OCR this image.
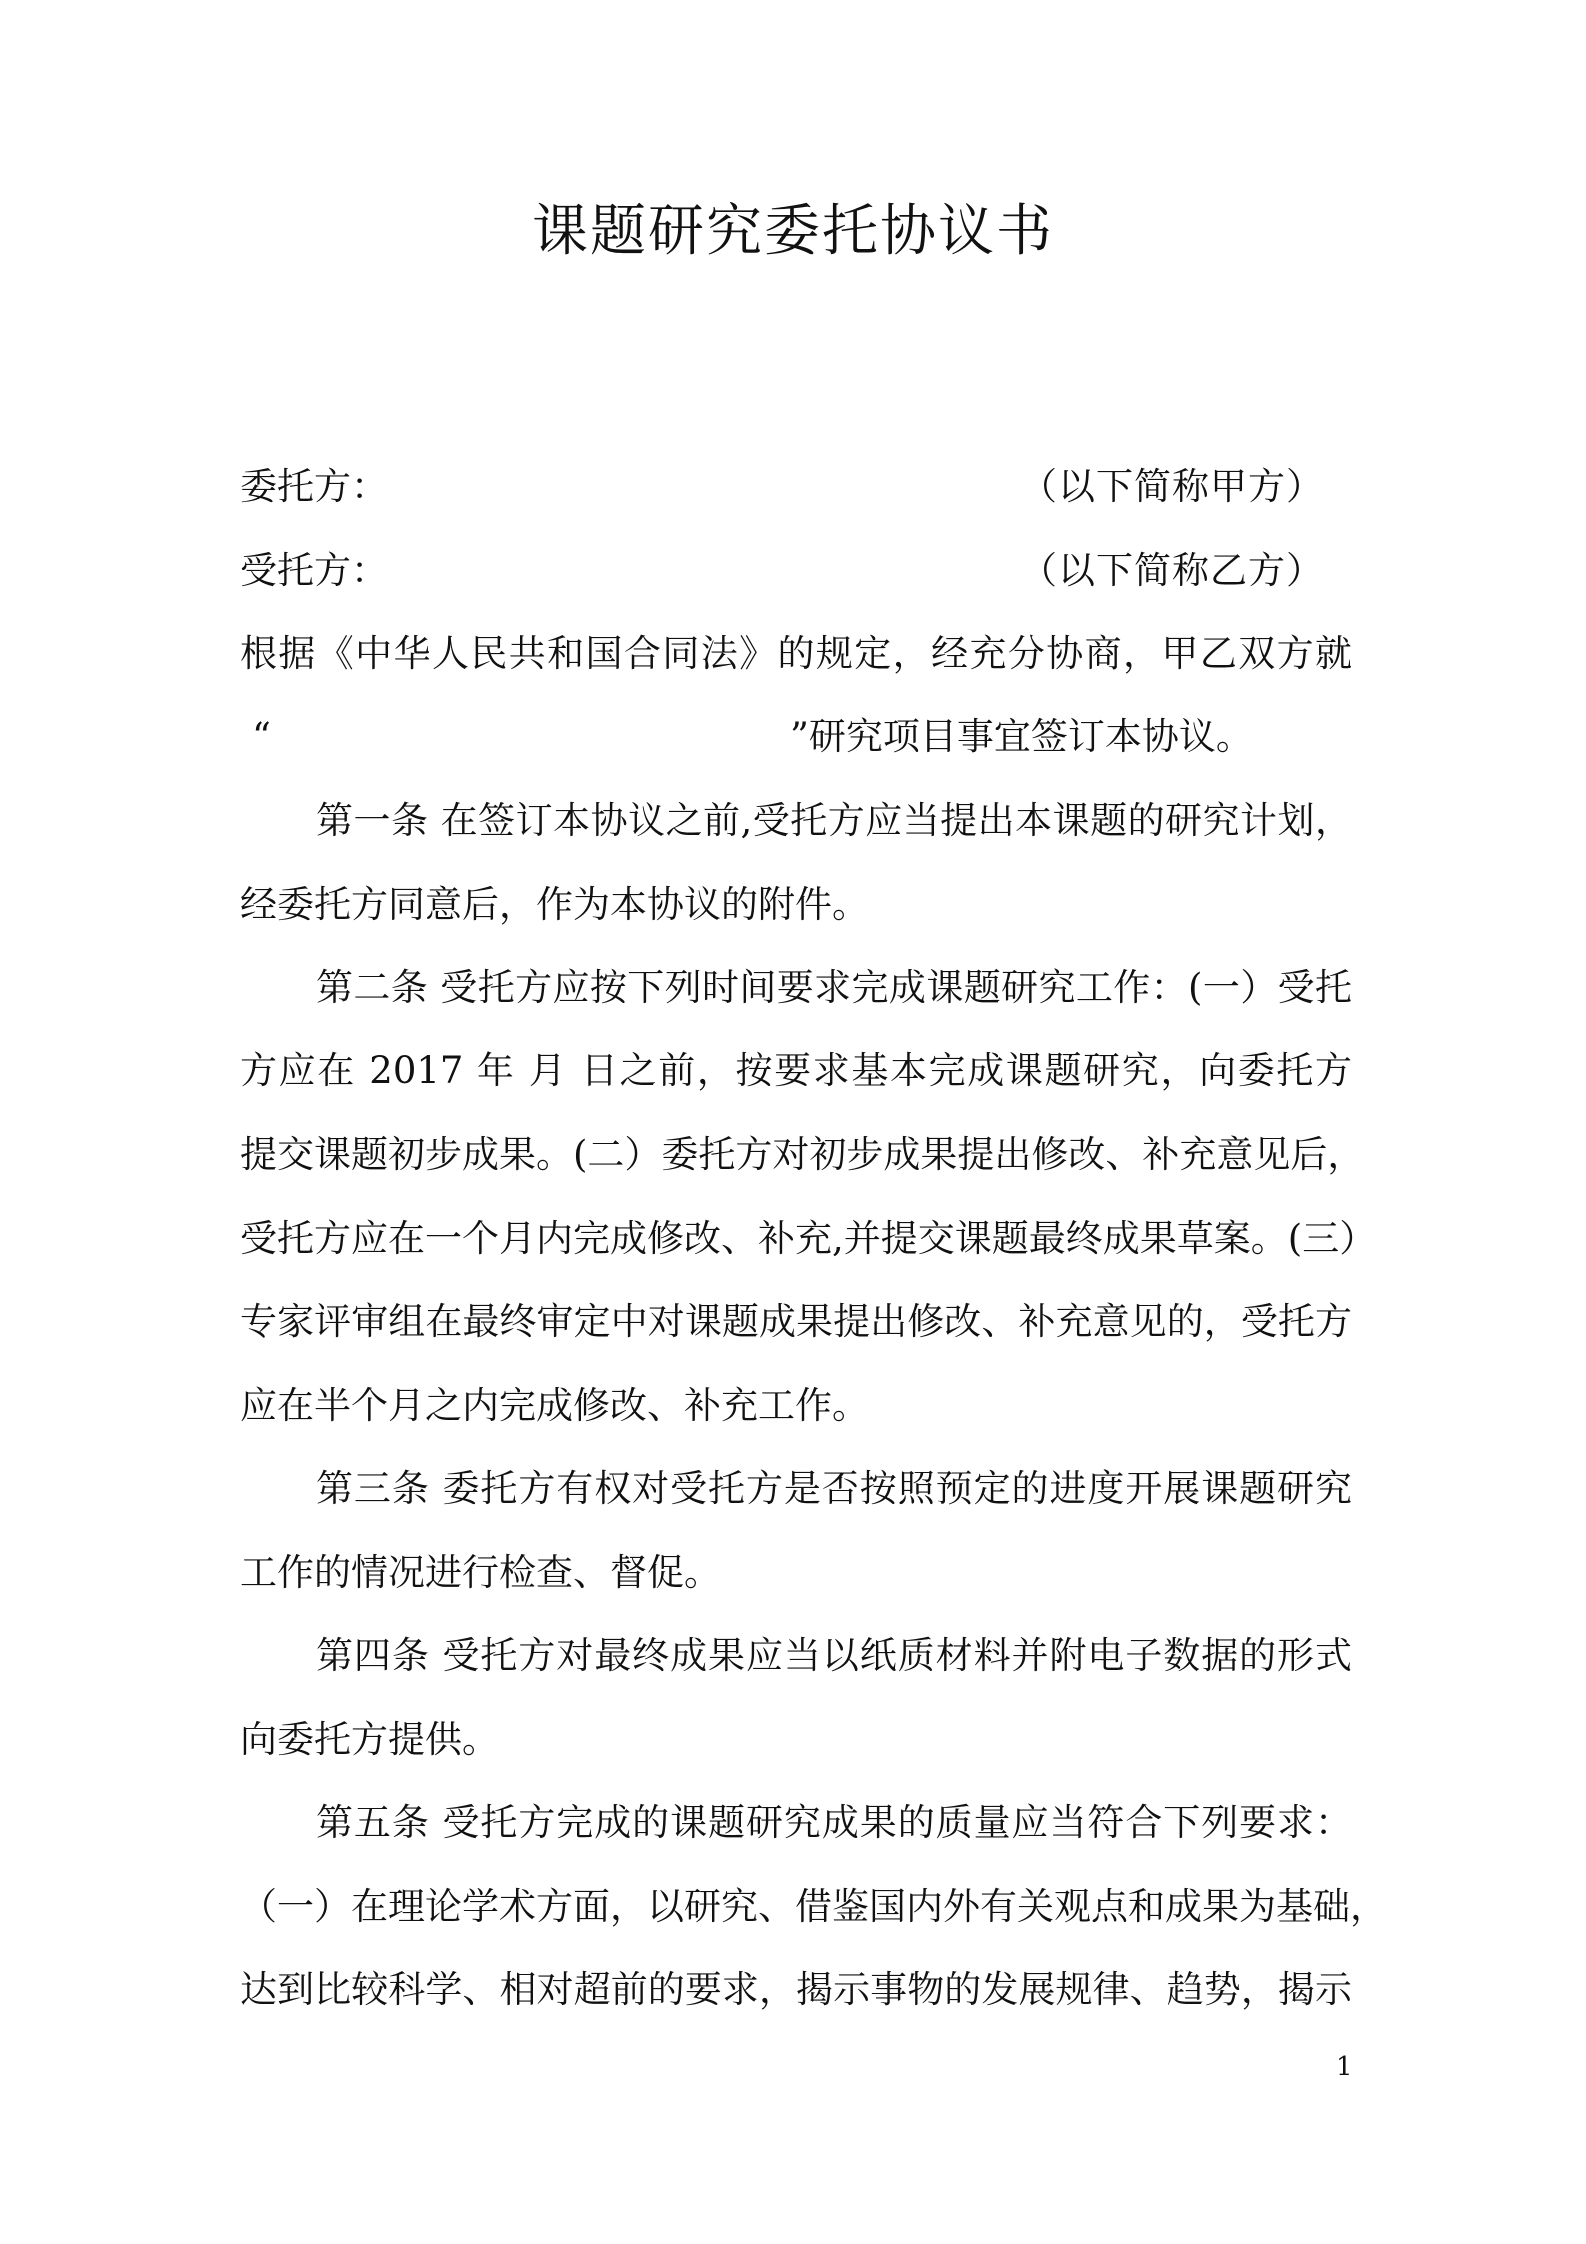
课题研究委托协议书
委托方：	（以下简称甲方）
受托方：	（以下简称乙方）
根据《中华人民共和国合同法》的规定，经充分协商，甲乙双方就
“	”研究项目事宜签订本协议。
第一条 在签订本协议之前,受托方应当提出本课题的研究计划，
经委托方同意后，作为本协议的附件。
第二条 受托方应按下列时间要求完成课题研究工作：(一）受托
方应在 2017 年 月 日之前，按要求基本完成课题研究，向委托方
提交课题初步成果。(二）委托方对初步成果提出修改、补充意见后，
受托方应在一个月内完成修改、补充,并提交课题最终成果草案。(三）
专家评审组在最终审定中对课题成果提出修改、补充意见的，受托方
应在半个月之内完成修改、补充工作。
第三条 委托方有权对受托方是否按照预定的进度开展课题研究
工作的情况进行检查、督促。
第四条 受托方对最终成果应当以纸质材料并附电子数据的形式
向委托方提供。
第五条 受托方完成的课题研究成果的质量应当符合下列要求：
（一）在理论学术方面，以研究、借鉴国内外有关观点和成果为基础，
达到比较科学、相对超前的要求，揭示事物的发展规律、趋势，揭示
1
